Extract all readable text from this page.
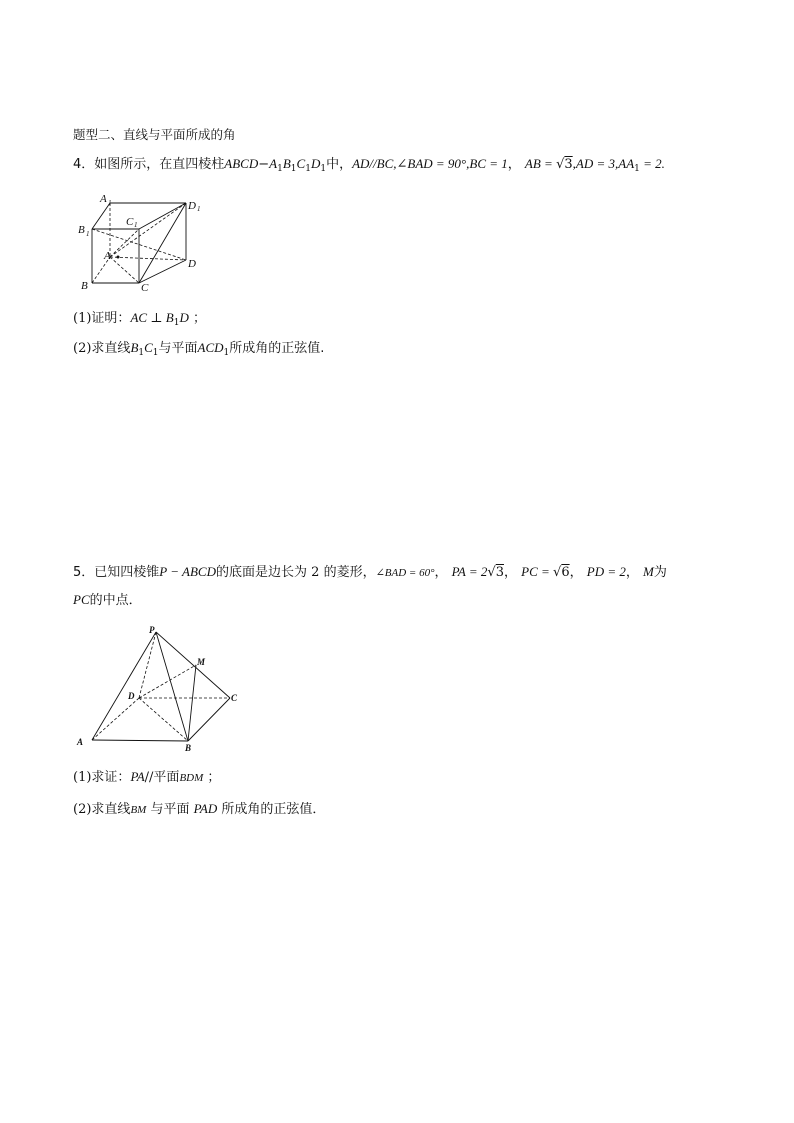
题型二、直线与平面所成的角
4．如图所示，在直四棱柱$ABCD-A_1B_1C_1D_1$中，AD//BC,∠BAD = 90°,BC = 1， AB = $√3,AD = 3,AA_1 = 2$.
A 1
B 1
C 1
D 1
A
B	C
D
(1)证明：AC ⊥ $B_1D$ ；
(2)求直线$B_1C_1$与平面$ACD_1$所成角的正弦值.
5．已知四棱锥P − ABCD的底面是边长为 2 的菱形，∠BAD = 60°， PA = 2√3， PC = √6， PD = 2， M为
PC的中点．
P
M
D	C
A
B
(1)求证：PA//平面BDM ；
(2)求直线BM 与平面 PAD 所成角的正弦值．
